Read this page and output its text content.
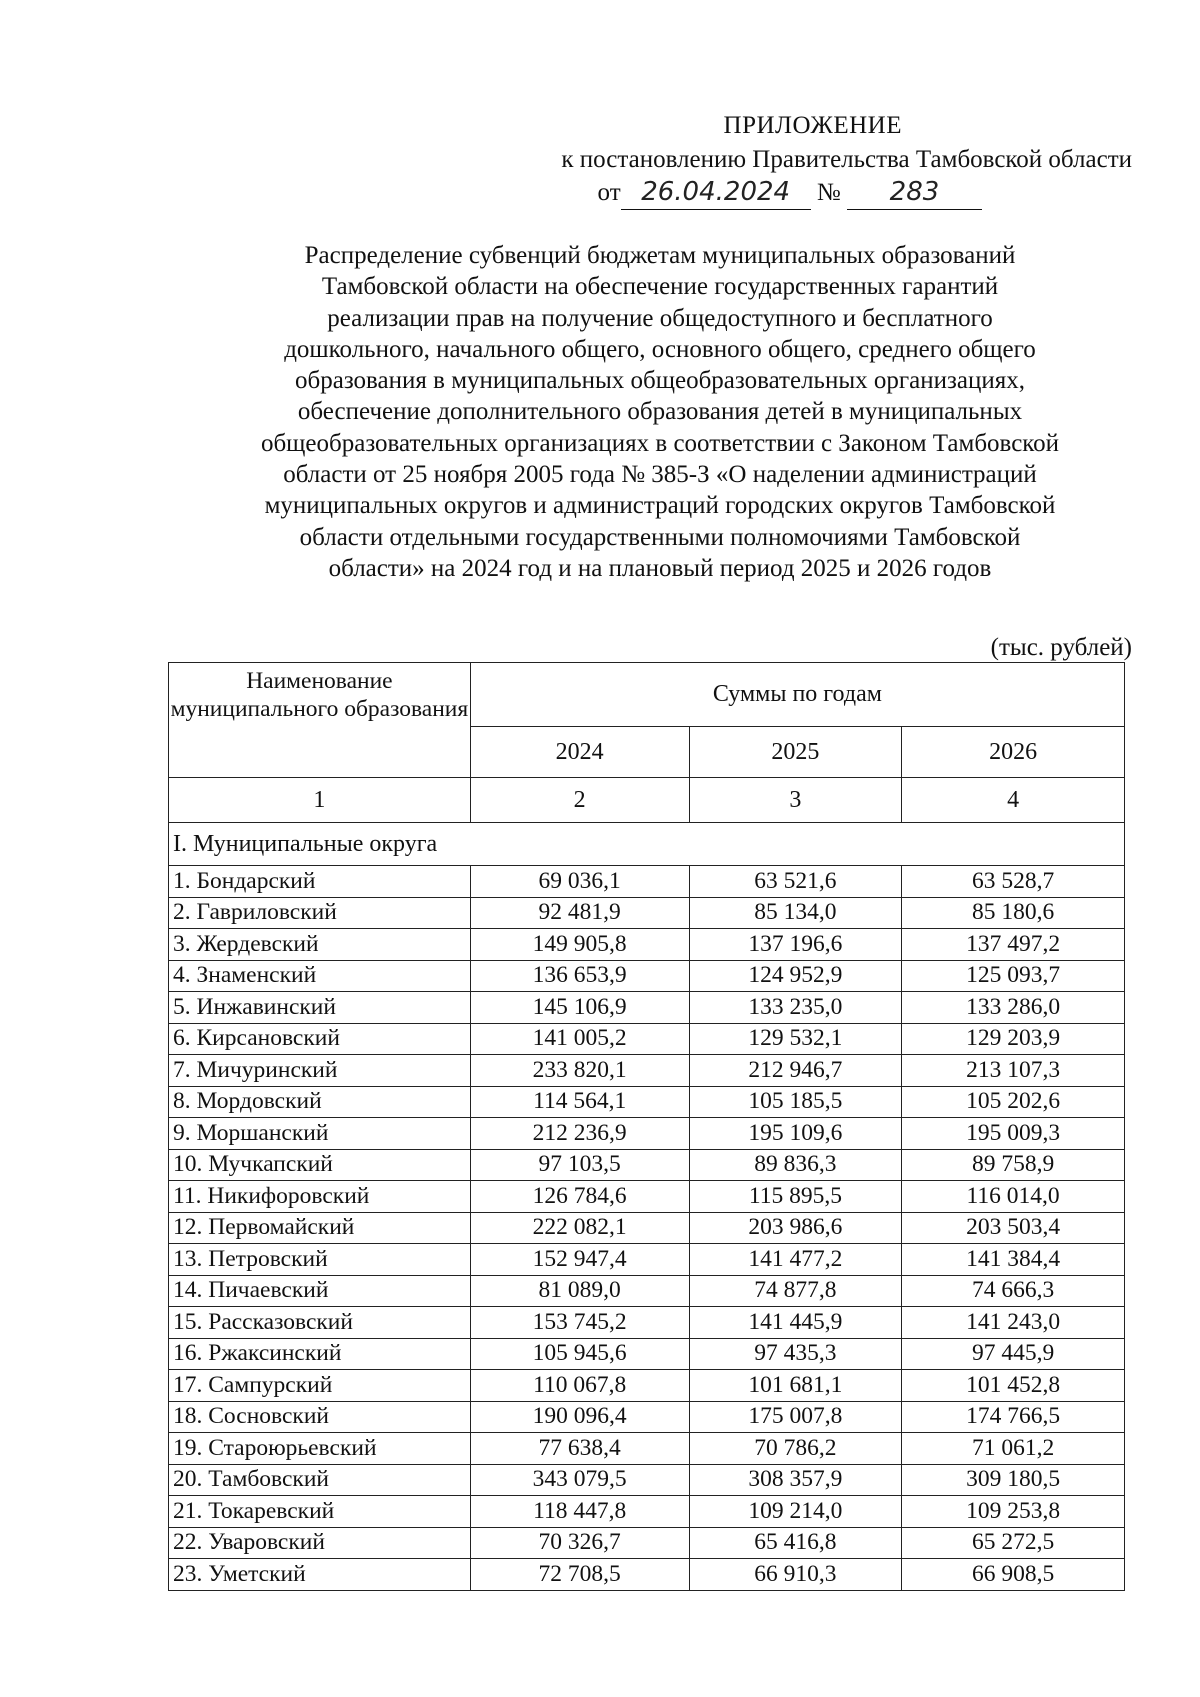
ПРИЛОЖЕНИЕ
к постановлению Правительства Тамбовской области
от 26.04.2024 № 283
Распределение субвенций бюджетам муниципальных образований
Тамбовской области на обеспечение государственных гарантий
реализации прав на получение общедоступного и бесплатного
дошкольного, начального общего, основного общего, среднего общего
образования в муниципальных общеобразовательных организациях,
обеспечение дополнительного образования детей в муниципальных
общеобразовательных организациях в соответствии с Законом Тамбовской
области от 25 ноября 2005 года № 385-З «О наделении администраций
муниципальных округов и администраций городских округов Тамбовской
области отдельными государственными полномочиями Тамбовской
области» на 2024 год и на плановый период 2025 и 2026 годов
(тыс. рублей)
Наименование муниципального образования	Суммы по годам		
	2024	2025	2026
1	2	3	4
I. Муниципальные округа			
1. Бондарский	69 036,1	63 521,6	63 528,7
2. Гавриловский	92 481,9	85 134,0	85 180,6
3. Жердевский	149 905,8	137 196,6	137 497,2
4. Знаменский	136 653,9	124 952,9	125 093,7
5. Инжавинский	145 106,9	133 235,0	133 286,0
6. Кирсановский	141 005,2	129 532,1	129 203,9
7. Мичуринский	233 820,1	212 946,7	213 107,3
8. Мордовский	114 564,1	105 185,5	105 202,6
9. Моршанский	212 236,9	195 109,6	195 009,3
10. Мучкапский	97 103,5	89 836,3	89 758,9
11. Никифоровский	126 784,6	115 895,5	116 014,0
12. Первомайский	222 082,1	203 986,6	203 503,4
13. Петровский	152 947,4	141 477,2	141 384,4
14. Пичаевский	81 089,0	74 877,8	74 666,3
15. Рассказовский	153 745,2	141 445,9	141 243,0
16. Ржаксинский	105 945,6	97 435,3	97 445,9
17. Сампурский	110 067,8	101 681,1	101 452,8
18. Сосновский	190 096,4	175 007,8	174 766,5
19. Староюрьевский	77 638,4	70 786,2	71 061,2
20. Тамбовский	343 079,5	308 357,9	309 180,5
21. Токаревский	118 447,8	109 214,0	109 253,8
22. Уваровский	70 326,7	65 416,8	65 272,5
23. Уметский	72 708,5	66 910,3	66 908,5
